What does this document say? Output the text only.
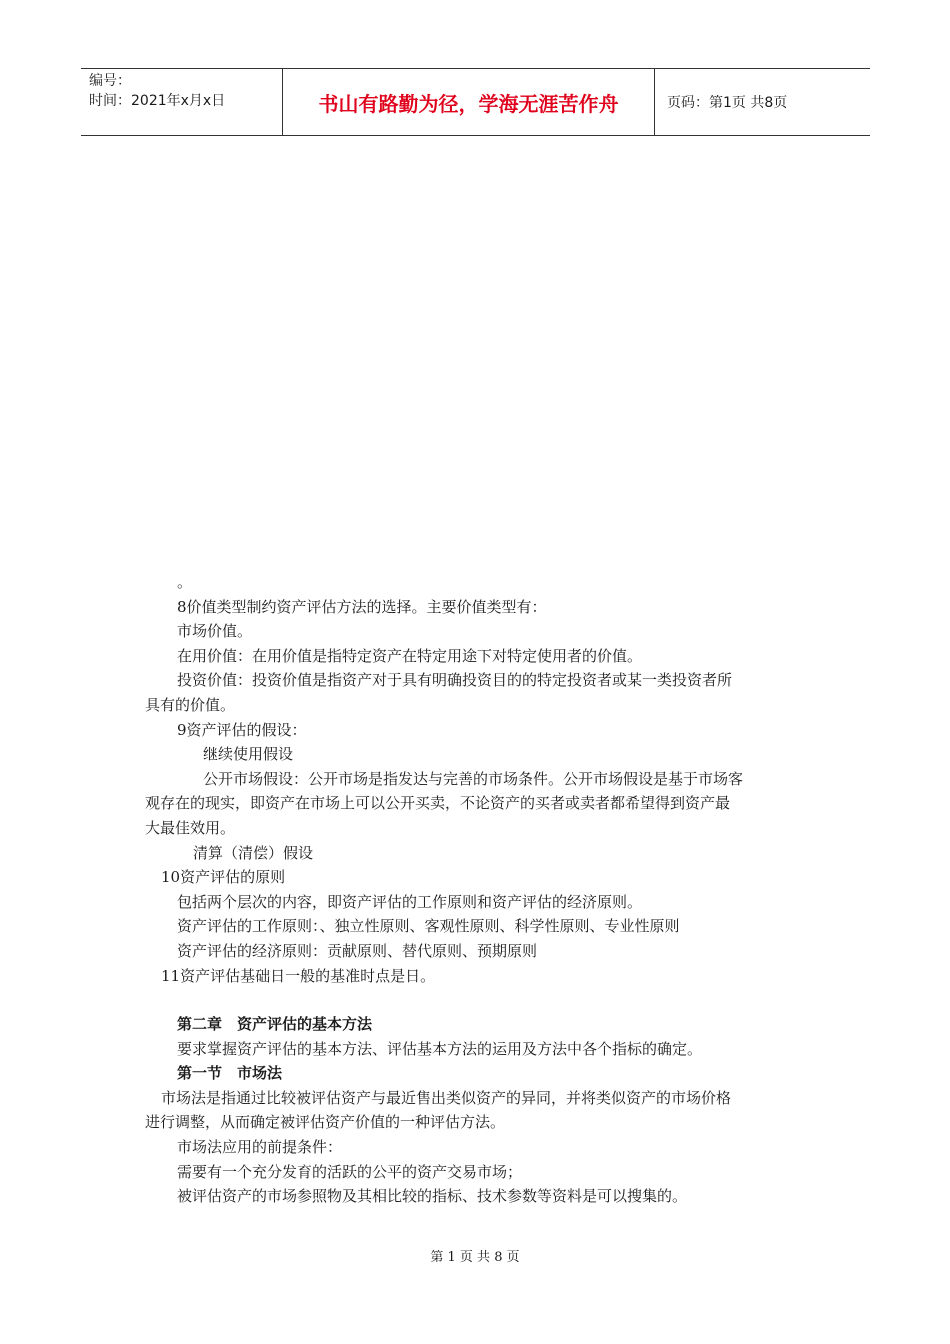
编号：
时间：2021年x月x日	书山有路勤为径，学海无涯苦作舟	页码：第1页 共8页

。

8价值类型制约资产评估方法的选择。主要价值类型有：

市场价值。

在用价值：在用价值是指特定资产在特定用途下对特定使用者的价值。

投资价值：投资价值是指资产对于具有明确投资目的的特定投资者或某一类投资者所

具有的价值。

9资产评估的假设：

继续使用假设

公开市场假设：公开市场是指发达与完善的市场条件。公开市场假设是基于市场客

观存在的现实，即资产在市场上可以公开买卖，不论资产的买者或卖者都希望得到资产最

大最佳效用。

清算（清偿）假设

10资产评估的原则

包括两个层次的内容，即资产评估的工作原则和资产评估的经济原则。

资产评估的工作原则：、独立性原则、客观性原则、科学性原则、专业性原则

资产评估的经济原则：贡献原则、替代原则、预期原则

11资产评估基础日一般的基准时点是日。

第二章　资产评估的基本方法

要求掌握资产评估的基本方法、评估基本方法的运用及方法中各个指标的确定。

第一节　市场法

市场法是指通过比较被评估资产与最近售出类似资产的异同，并将类似资产的市场价格

进行调整，从而确定被评估资产价值的一种评估方法。

市场法应用的前提条件：

需要有一个充分发育的活跃的公平的资产交易市场；

被评估资产的市场参照物及其相比较的指标、技术参数等资料是可以搜集的。

第 1 页 共 8 页
